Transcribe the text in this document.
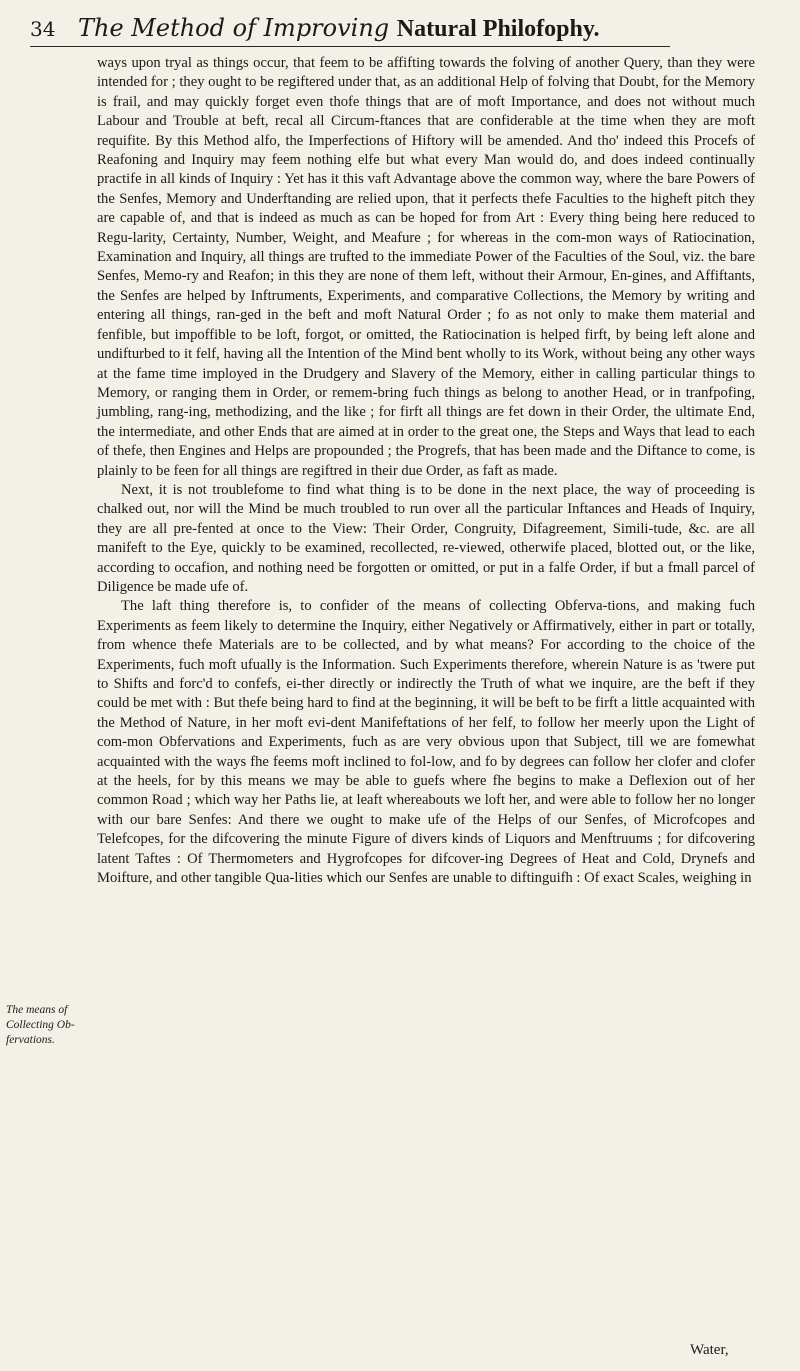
34 The Method of Improving Natural Philofophy.
The means of Collecting Ob-fervations.

ways upon tryal as things occur, that feem to be affifting towards the folving of another Query, than they were intended for ; they ought to be regiftered under that, as an additional Help of folving that Doubt, for the Memory is frail, and may quickly forget even thofe things that are of moft Importance, and does not without much Labour and Trouble at beft, recal all Circum-ftances that are confiderable at the time when they are moft requifite. By this Method alfo, the Imperfections of Hiftory will be amended. And tho' indeed this Procefs of Reafoning and Inquiry may feem nothing elfe but what every Man would do, and does indeed continually practife in all kinds of Inquiry : Yet has it this vaft Advantage above the common way, where the bare Powers of the Senfes, Memory and Underftanding are relied upon, that it perfects thefe Faculties to the higheft pitch they are capable of, and that is indeed as much as can be hoped for from Art : Every thing being here reduced to Regu-larity, Certainty, Number, Weight, and Meafure ; for whereas in the com-mon ways of Ratiocination, Examination and Inquiry, all things are trufted to the immediate Power of the Faculties of the Soul, viz. the bare Senfes, Memo-ry and Reafon; in this they are none of them left, without their Armour, En-gines, and Affiftants, the Senfes are helped by Inftruments, Experiments, and comparative Collections, the Memory by writing and entering all things, ran-ged in the beft and moft Natural Order ; fo as not only to make them material and fenfible, but impoffible to be loft, forgot, or omitted, the Ratiocination is helped firft, by being left alone and undifturbed to it felf, having all the Intention of the Mind bent wholly to its Work, without being any other ways at the fame time imployed in the Drudgery and Slavery of the Memory, either in calling particular things to Memory, or ranging them in Order, or remem-bring fuch things as belong to another Head, or in tranfpofing, jumbling, rang-ing, methodizing, and the like ; for firft all things are fet down in their Order, the ultimate End, the intermediate, and other Ends that are aimed at in order to the great one, the Steps and Ways that lead to each of thefe, then Engines and Helps are propounded ; the Progrefs, that has been made and the Diftance to come, is plainly to be feen for all things are regiftred in their due Order, as faft as made.

Next, it is not troublefome to find what thing is to be done in the next place, the way of proceeding is chalked out, nor will the Mind be much troubled to run over all the particular Inftances and Heads of Inquiry, they are all pre-fented at once to the View: Their Order, Congruity, Difagreement, Simili-tude, &c. are all manifeft to the Eye, quickly to be examined, recollected, re-viewed, otherwife placed, blotted out, or the like, according to occafion, and nothing need be forgotten or omitted, or put in a falfe Order, if but a fmall parcel of Diligence be made ufe of.

The laft thing therefore is, to confider of the means of collecting Obferva-tions, and making fuch Experiments as feem likely to determine the Inquiry, either Negatively or Affirmatively, either in part or totally, from whence thefe Materials are to be collected, and by what means? For according to the choice of the Experiments, fuch moft ufually is the Information. Such Experiments therefore, wherein Nature is as 'twere put to Shifts and forc'd to confefs, ei-ther directly or indirectly the Truth of what we inquire, are the beft if they could be met with : But thefe being hard to find at the beginning, it will be beft to be firft a little acquainted with the Method of Nature, in her moft evi-dent Manifeftations of her felf, to follow her meerly upon the Light of com-mon Obfervations and Experiments, fuch as are very obvious upon that Subject, till we are fomewhat acquainted with the ways fhe feems moft inclined to fol-low, and fo by degrees can follow her clofer and clofer at the heels, for by this means we may be able to guefs where fhe begins to make a Deflexion out of her common Road ; which way her Paths lie, at leaft whereabouts we loft her, and were able to follow her no longer with our bare Senfes: And there we ought to make ufe of the Helps of our Senfes, of Microfcopes and Telefcopes, for the difcovering the minute Figure of divers kinds of Liquors and Menftruums ; for difcovering latent Taftes : Of Thermometers and Hygrofcopes for difcover-ing Degrees of Heat and Cold, Drynefs and Moifture, and other tangible Qua-lities which our Senfes are unable to diftinguifh : Of exact Scales, weighing in

Water,
